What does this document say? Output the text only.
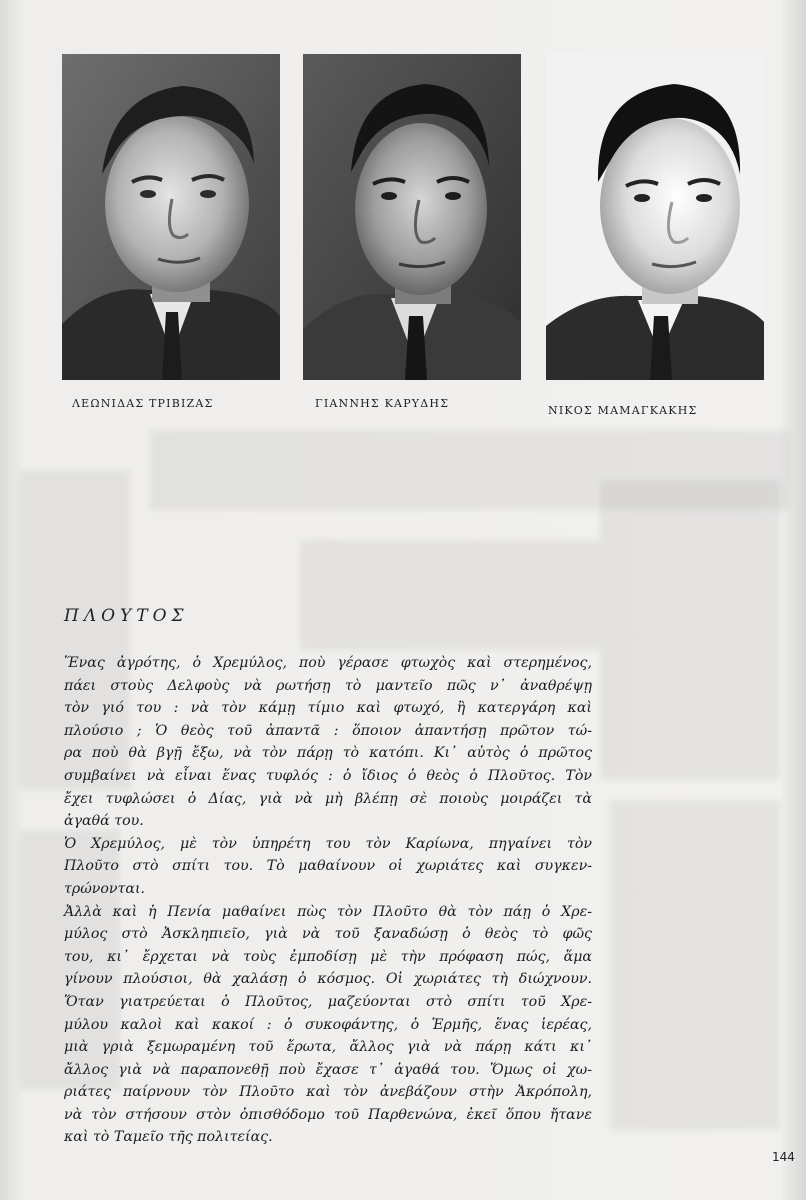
ΛΕΩΝΙΔΑΣ ΤΡΙΒΙΖΑΣ	ΓΙΑΝΝΗΣ ΚΑΡΥΔΗΣ
ΝΙΚΟΣ ΜΑΜΑΓΚΑΚΗΣ
ΠΛΟΥΤΟΣ
Ἕνας ἀγρότης, ὁ Χρεμύλος, ποὺ γέρασε φτωχὸς καὶ στερημένος,
πάει στοὺς Δελφοὺς νὰ ρωτήσῃ τὸ μαντεῖο πῶς ν᾿ ἀναθρέψῃ
τὸν γιό του : νὰ τὸν κάμῃ τίμιο καὶ φτωχό, ἢ κατεργάρη καὶ
πλούσιο ; Ὁ θεὸς τοῦ ἀπαντᾶ : ὅποιον ἀπαντήσῃ πρῶτον τώ-
ρα ποὺ θὰ βγῇ ἔξω, νὰ τὸν πάρῃ τὸ κατόπι. Κι᾿ αὐτὸς ὁ πρῶτος
συμβαίνει νὰ εἶναι ἕνας τυφλός : ὁ ἴδιος ὁ θεὸς ὁ Πλοῦτος. Τὸν
ἔχει τυφλώσει ὁ Δίας, γιὰ νὰ μὴ βλέπῃ σὲ ποιοὺς μοιράζει τὰ
ἀγαθά του.
Ὁ Χρεμύλος, μὲ τὸν ὑπηρέτη του τὸν Καρίωνα, πηγαίνει τὸν
Πλοῦτο στὸ σπίτι του. Τὸ μαθαίνουν οἱ χωριάτες καὶ συγκεν-
τρώνονται.
Ἀλλὰ καὶ ἡ Πενία μαθαίνει πὼς τὸν Πλοῦτο θὰ τὸν πάῃ ὁ Χρε-
μύλος στὸ Ἀσκληπιεῖο, γιὰ νὰ τοῦ ξαναδώσῃ ὁ θεὸς τὸ φῶς
του, κι᾿ ἔρχεται νὰ τοὺς ἐμποδίσῃ μὲ τὴν πρόφαση πώς, ἅμα
γίνουν πλούσιοι, θὰ χαλάσῃ ὁ κόσμος. Οἱ χωριάτες τὴ διώχνουν.
Ὅταν γιατρεύεται ὁ Πλοῦτος, μαζεύονται στὸ σπίτι τοῦ Χρε-
μύλου καλοὶ καὶ κακοί : ὁ συκοφάντης, ὁ Ἑρμῆς, ἕνας ἱερέας,
μιὰ γριὰ ξεμωραμένη τοῦ ἔρωτα, ἄλλος γιὰ νὰ πάρῃ κάτι κι᾿
ἄλλος γιὰ νὰ παραπονεθῇ ποὺ ἔχασε τ᾿ ἀγαθά του. Ὅμως οἱ χω-
ριάτες παίρνουν τὸν Πλοῦτο καὶ τὸν ἀνεβάζουν στὴν Ἀκρόπολη,
νὰ τὸν στήσουν στὸν ὀπισθόδομο τοῦ Παρθενώνα, ἐκεῖ ὅπου ἤτανε
καὶ τὸ Ταμεῖο τῆς πολιτείας.
144
